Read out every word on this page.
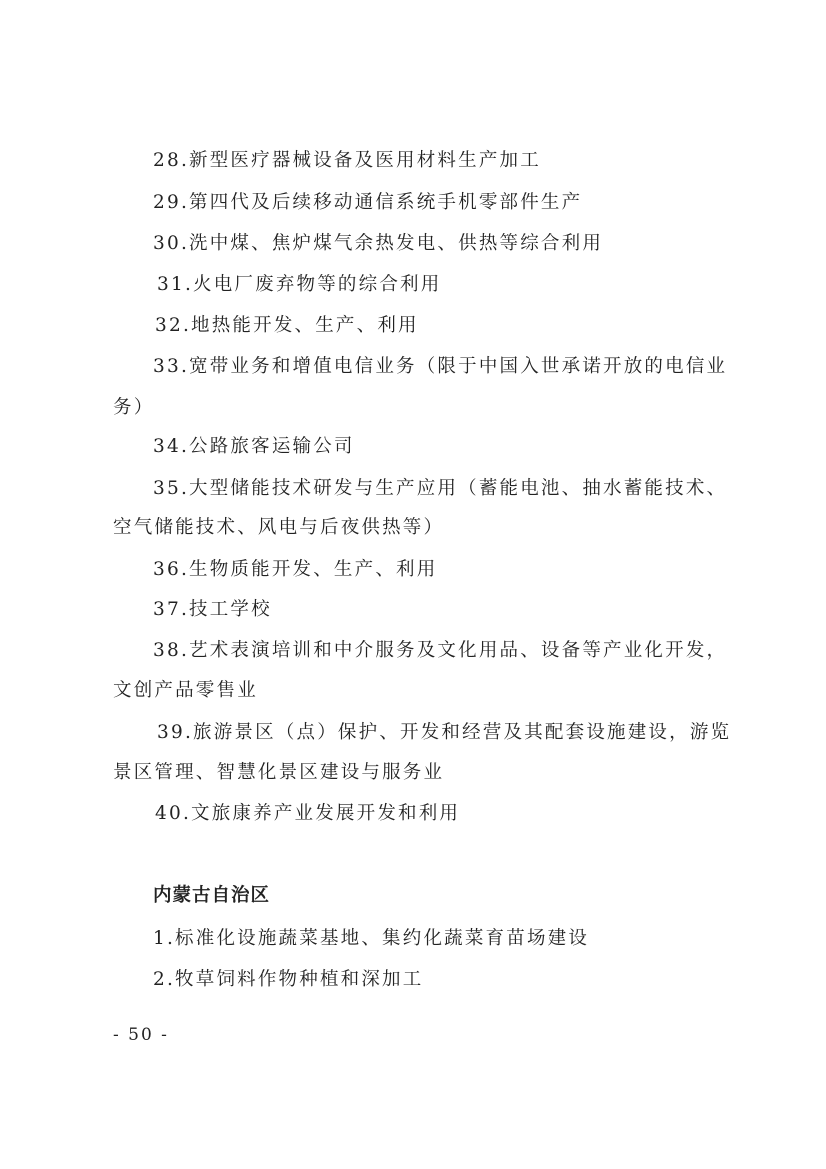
28.新型医疗器械设备及医用材料生产加工
29.第四代及后续移动通信系统手机零部件生产
30.洗中煤、焦炉煤气余热发电、供热等综合利用
31.火电厂废弃物等的综合利用
32.地热能开发、生产、利用
33.宽带业务和增值电信业务（限于中国入世承诺开放的电信业
务）
34.公路旅客运输公司
35.大型储能技术研发与生产应用（蓄能电池、抽水蓄能技术、
空气储能技术、风电与后夜供热等）
36.生物质能开发、生产、利用
37.技工学校
38.艺术表演培训和中介服务及文化用品、设备等产业化开发，
文创产品零售业
39.旅游景区（点）保护、开发和经营及其配套设施建设，游览
景区管理、智慧化景区建设与服务业
40.文旅康养产业发展开发和利用
内蒙古自治区
1.标准化设施蔬菜基地、集约化蔬菜育苗场建设
2.牧草饲料作物种植和深加工
- 50 -
